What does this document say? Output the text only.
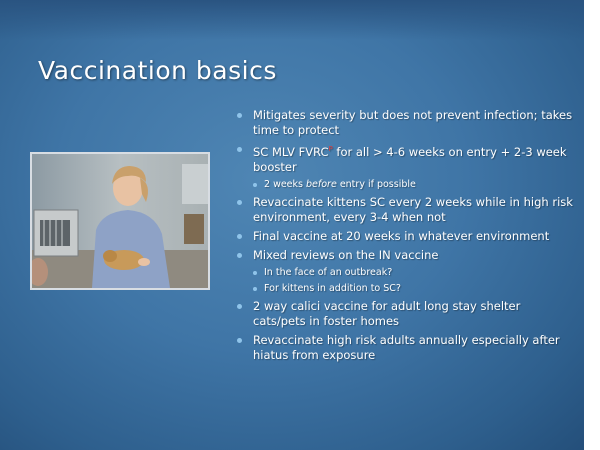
Vaccination basics
Mitigates severity but does not prevent infection; takes time to protect
SC MLV $FVRC^P$ for all > 4-6 weeks on entry + 2-3 week booster
2 weeks before entry if possible
Revaccinate kittens SC every 2 weeks while in high risk environment, every 3-4 when not
Final vaccine at 20 weeks in whatever environment
Mixed reviews on the IN vaccine
In the face of an outbreak?
For kittens in addition to SC?
2 way calici vaccine for adult long stay shelter cats/pets in foster homes
Revaccinate high risk adults annually especially after hiatus from exposure
